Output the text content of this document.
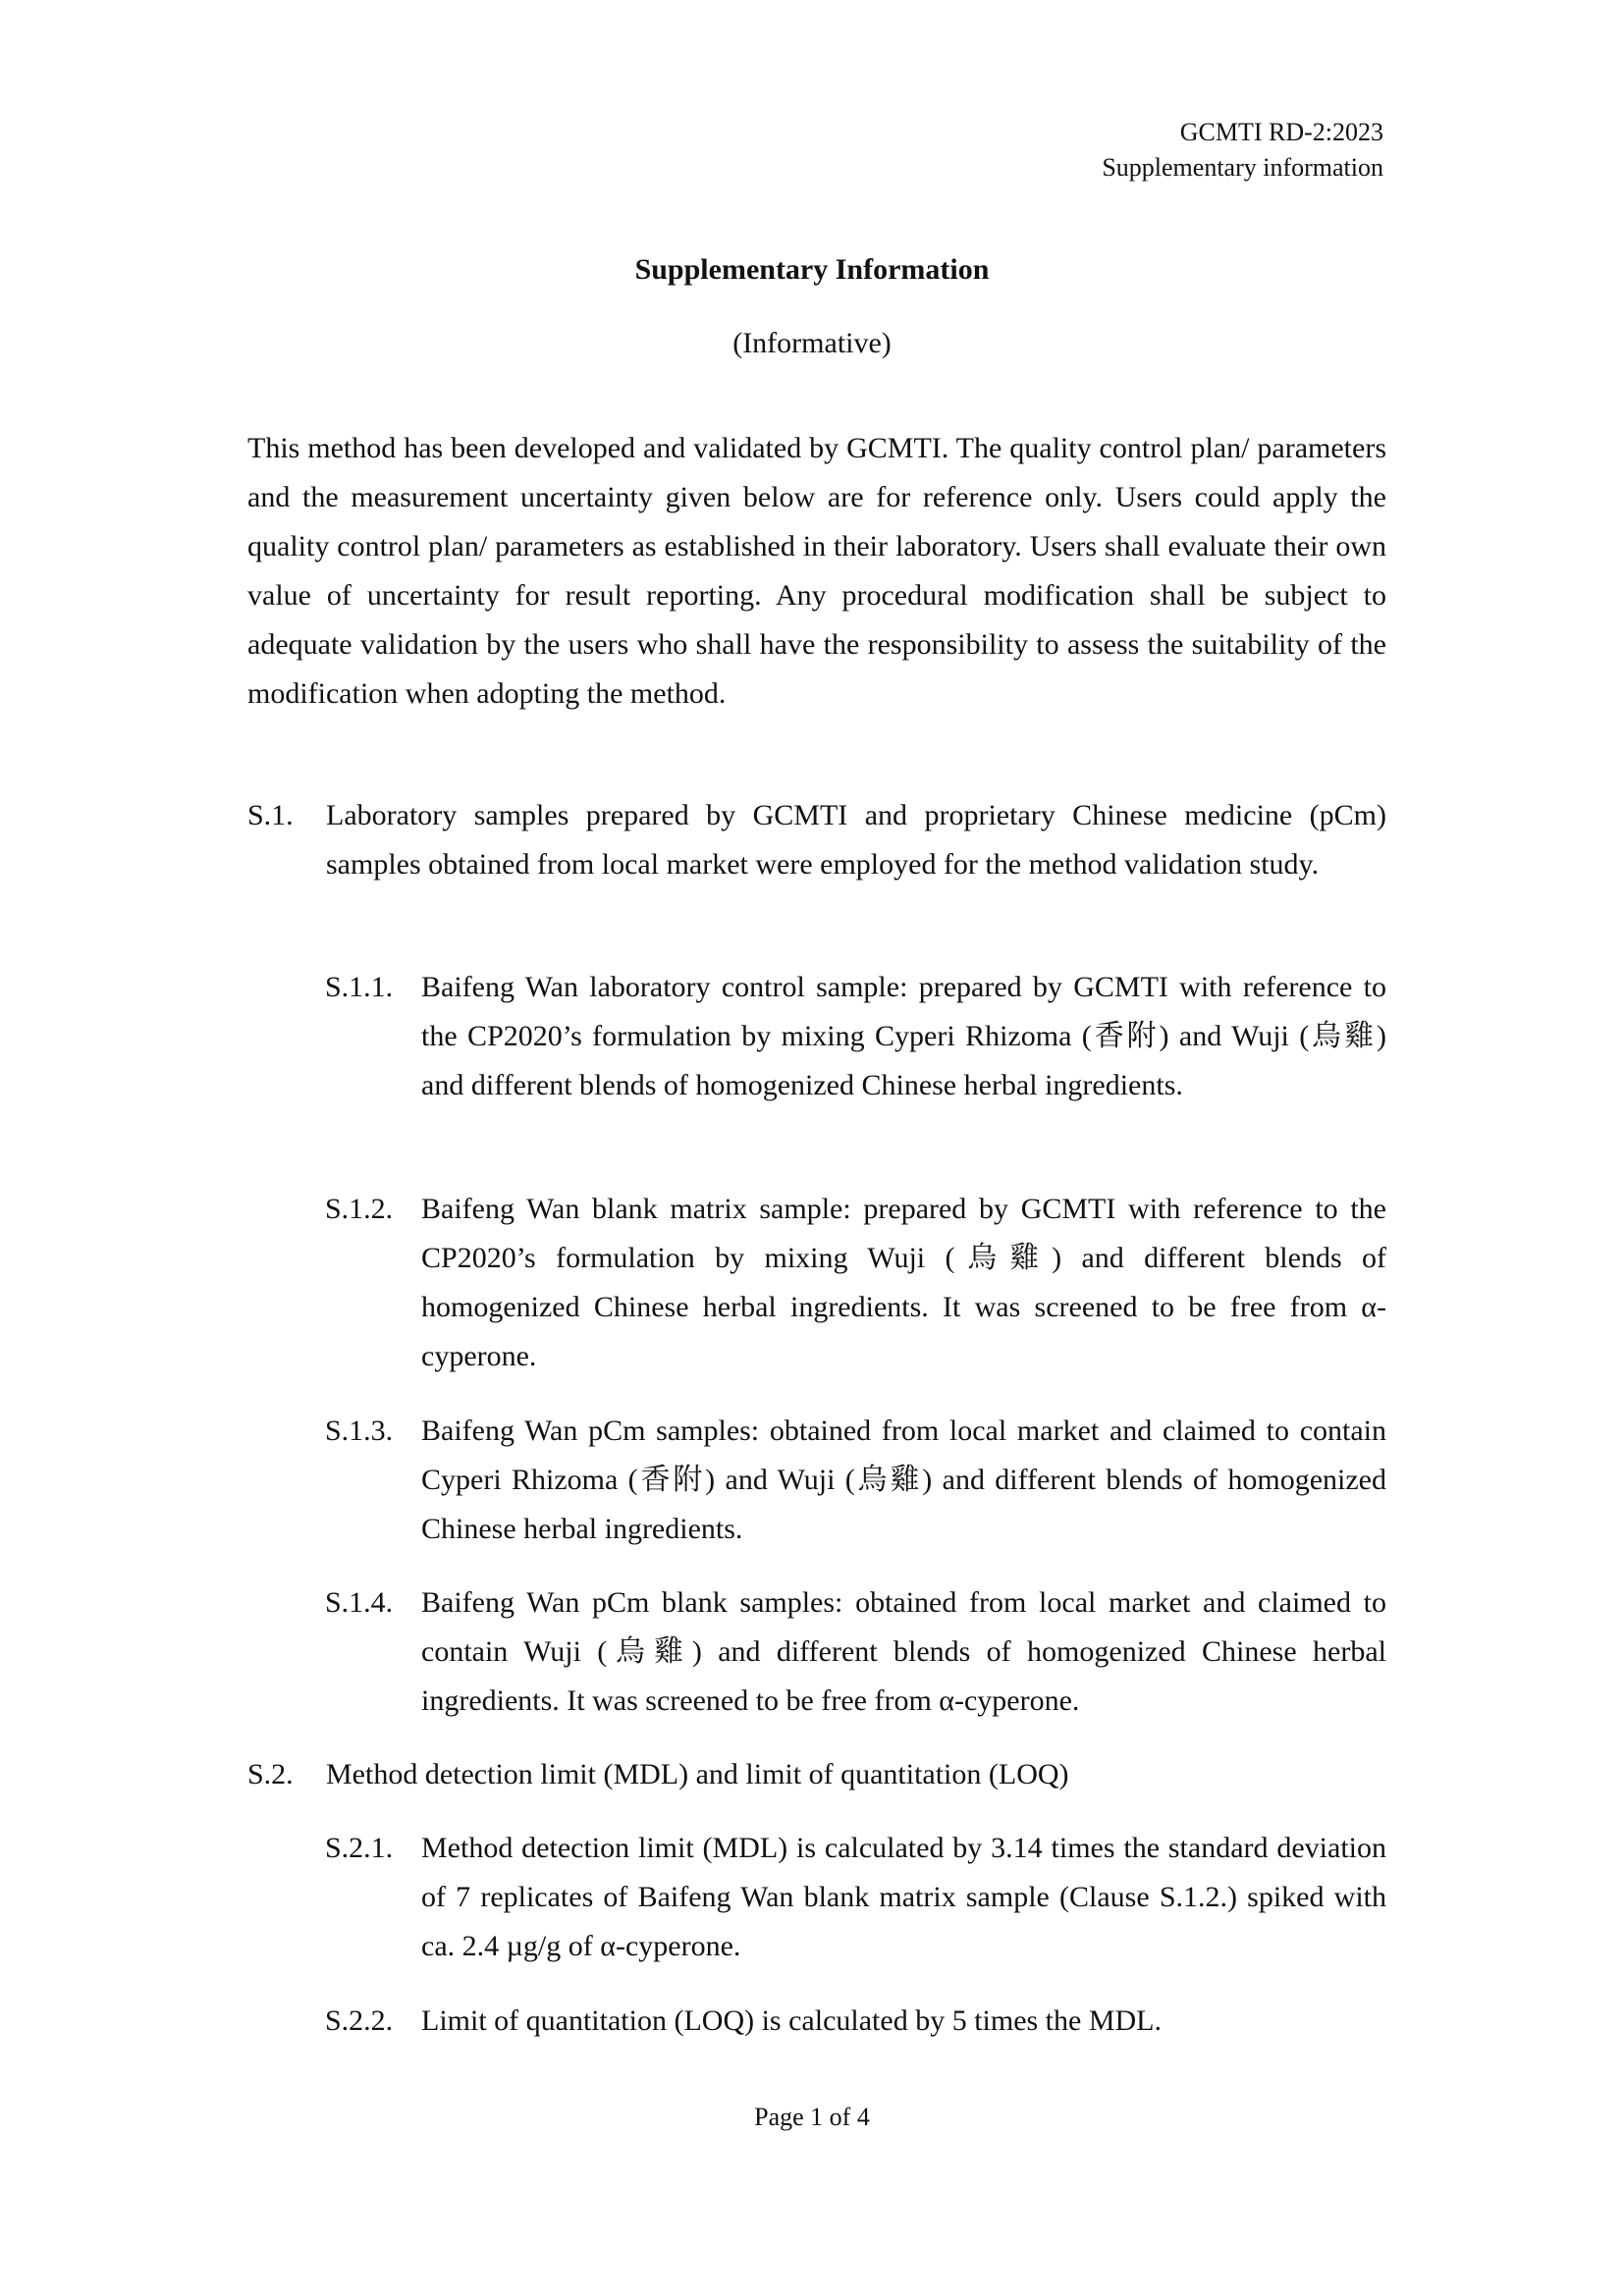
GCMTI RD-2:2023
Supplementary information
Supplementary Information
(Informative)

This method has been developed and validated by GCMTI. The quality control plan/ parameters and the measurement uncertainty given below are for reference only. Users could apply the quality control plan/ parameters as established in their laboratory. Users shall evaluate their own value of uncertainty for result reporting. Any procedural modification shall be subject to adequate validation by the users who shall have the responsibility to assess the suitability of the modification when adopting the method.

S.1.	Laboratory samples prepared by GCMTI and proprietary Chinese medicine (pCm) samples obtained from local market were employed for the method validation study.
S.1.1. Baifeng Wan laboratory control sample: prepared by GCMTI with reference to the CP2020’s formulation by mixing Cyperi Rhizoma (香附) and Wuji (烏雞) and different blends of homogenized Chinese herbal ingredients.
S.1.2. Baifeng Wan blank matrix sample: prepared by GCMTI with reference to the CP2020’s formulation by mixing Wuji (烏雞) and different blends of homogenized Chinese herbal ingredients. It was screened to be free from α-cyperone.
S.1.3. Baifeng Wan pCm samples: obtained from local market and claimed to contain Cyperi Rhizoma (香附) and Wuji (烏雞) and different blends of homogenized Chinese herbal ingredients.
S.1.4. Baifeng Wan pCm blank samples: obtained from local market and claimed to contain Wuji (烏雞) and different blends of homogenized Chinese herbal ingredients. It was screened to be free from α-cyperone.
S.2.	Method detection limit (MDL) and limit of quantitation (LOQ)
S.2.1. Method detection limit (MDL) is calculated by 3.14 times the standard deviation of 7 replicates of Baifeng Wan blank matrix sample (Clause S.1.2.) spiked with ca. 2.4 µg/g of α-cyperone.
S.2.2. Limit of quantitation (LOQ) is calculated by 5 times the MDL.
Page 1 of 4
